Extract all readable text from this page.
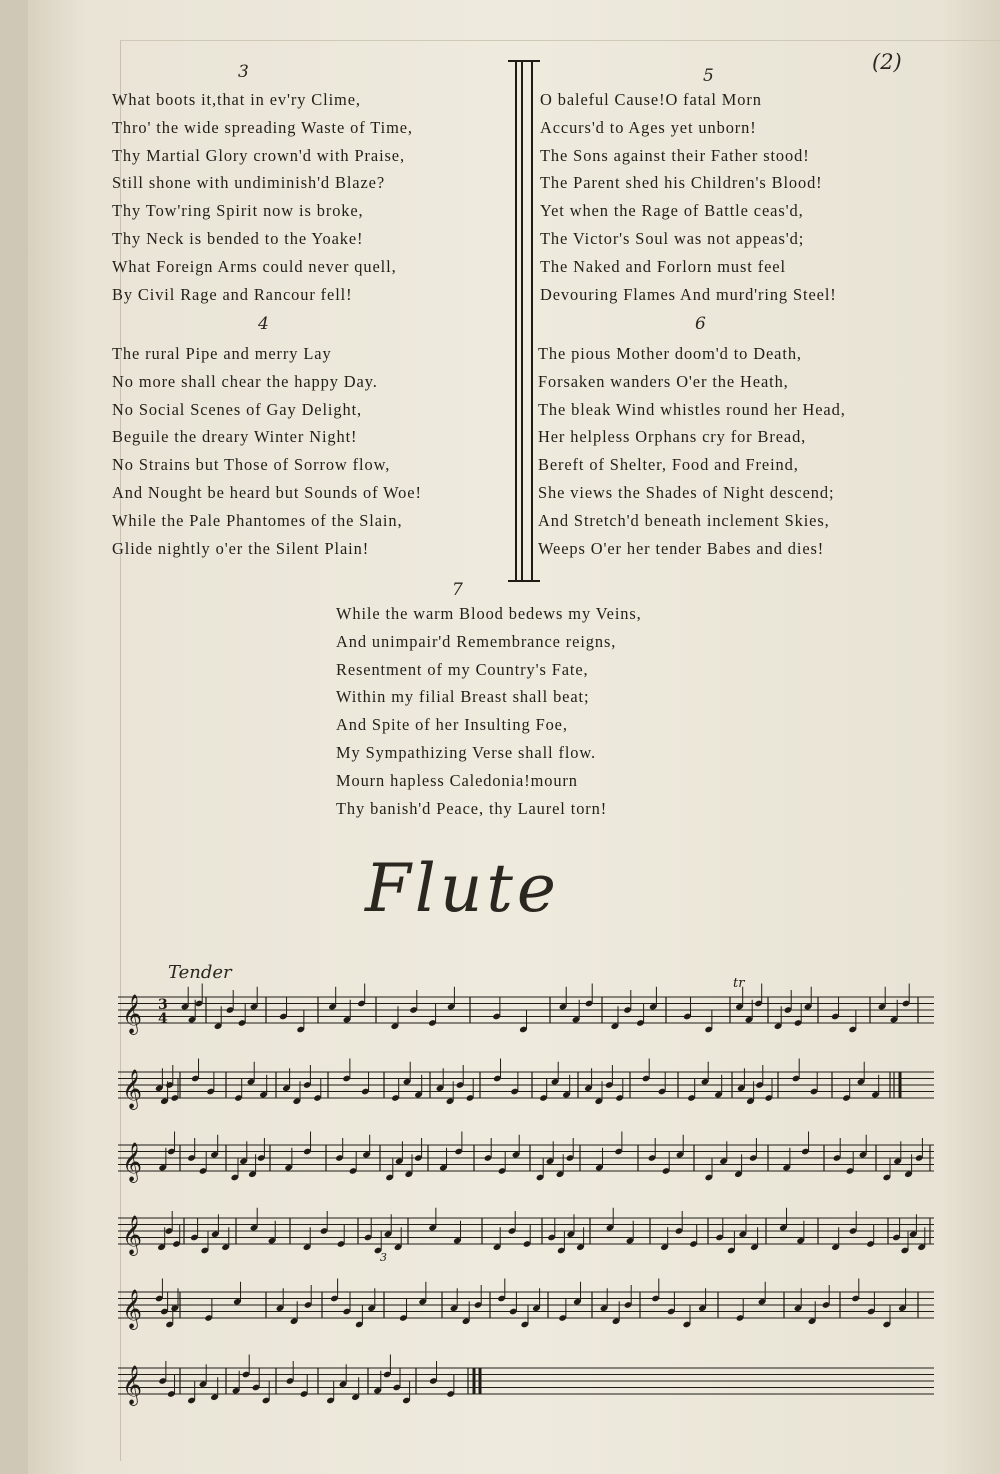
(2)
3
What boots it,that in ev'ry Clime,
Thro' the wide spreading Waste of Time,
Thy Martial Glory crown'd with Praise,
Still shone with undiminish'd Blaze?
Thy Tow'ring Spirit now is broke,
Thy Neck is bended to the Yoake!
What Foreign Arms could never quell,
By Civil Rage and Rancour fell!
4
The rural Pipe and merry Lay
No more shall chear the happy Day.
No Social Scenes of Gay Delight,
Beguile the dreary Winter Night!
No Strains but Those of Sorrow flow,
And Nought be heard but Sounds of Woe!
While the Pale Phantomes of the Slain,
Glide nightly o'er the Silent Plain!
5
O baleful Cause!O fatal Morn
Accurs'd to Ages yet unborn!
The Sons against their Father stood!
The Parent shed his Children's Blood!
Yet when the Rage of Battle ceas'd,
The Victor's Soul was not appeas'd;
The Naked and Forlorn must feel
Devouring Flames And murd'ring Steel!
6
The pious Mother doom'd to Death,
Forsaken wanders O'er the Heath,
The bleak Wind whistles round her Head,
Her helpless Orphans cry for Bread,
Bereft of Shelter, Food and Freind,
She views the Shades of Night descend;
And Stretch'd beneath inclement Skies,
Weeps O'er her tender Babes and dies!
7
While the warm Blood bedews my Veins,
And unimpair'd Remembrance reigns,
Resentment of my Country's Fate,
Within my filial Breast shall beat;
And Spite of her Insulting Foe,
My Sympathizing Verse shall flow.
Mourn hapless Caledonia!mourn
Thy banish'd Peace, thy Laurel torn!
Flute
Tender
𝄞 3
4
tr
𝄞
𝄞
𝄞
3
𝄞
𝄞
